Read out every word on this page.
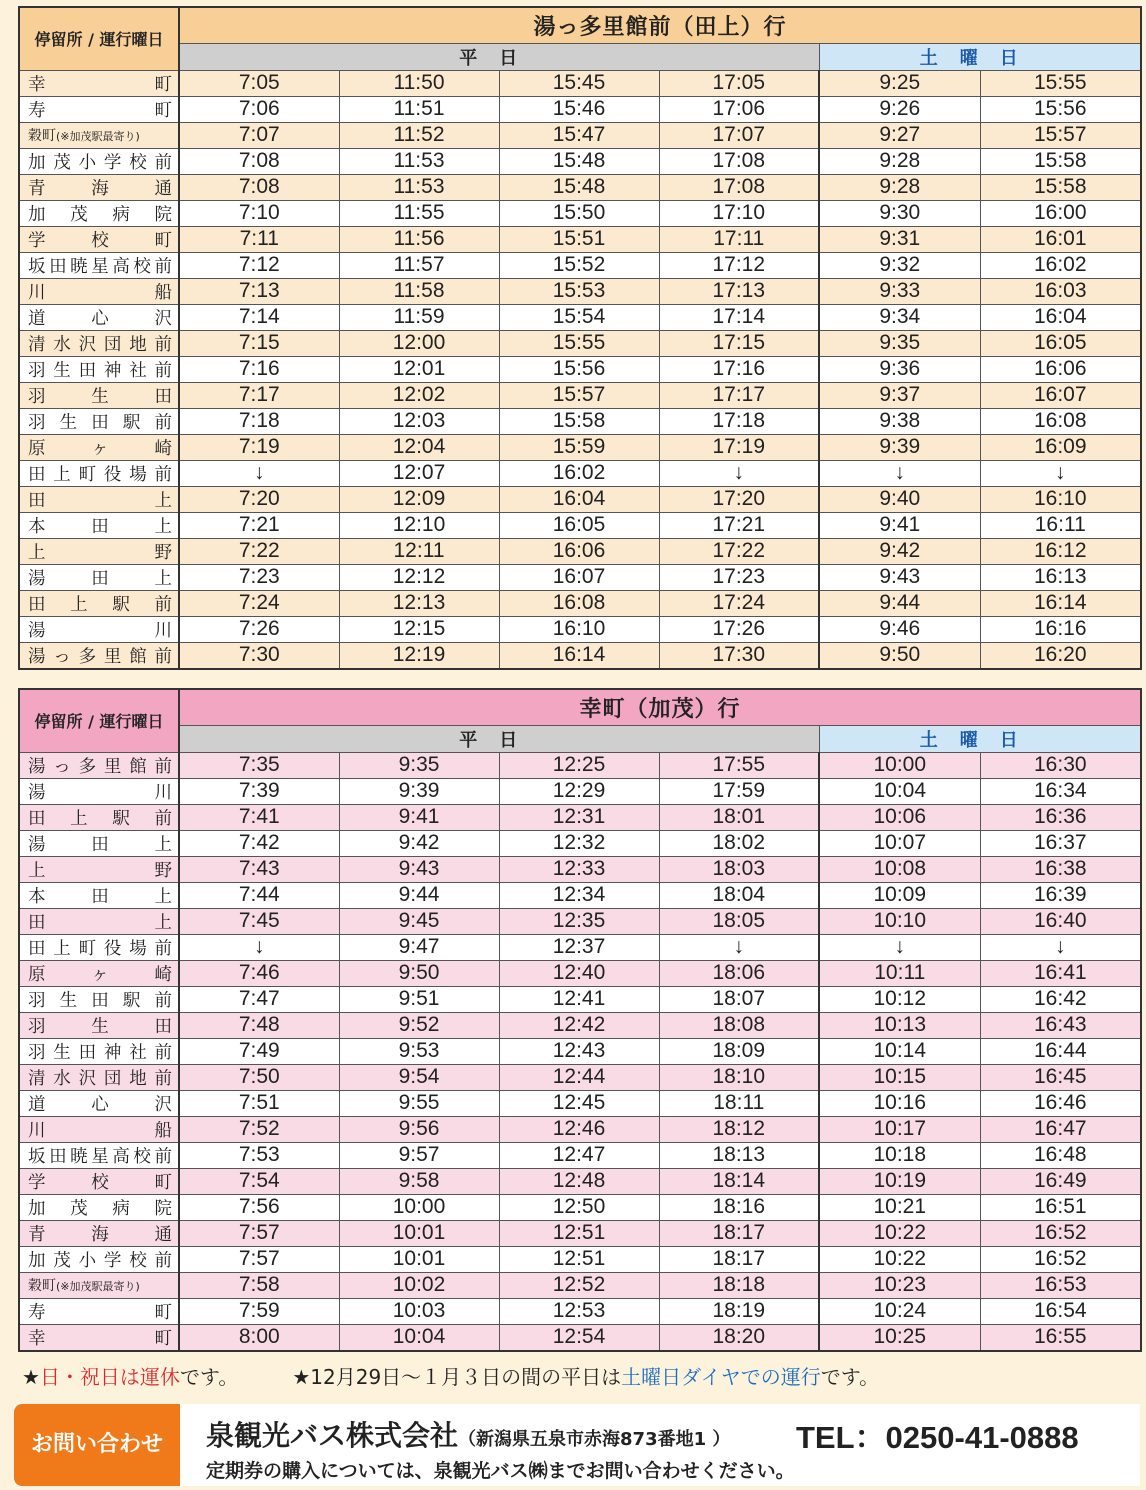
停留所 / 運行曜日	湯っ多里館前（田上）行					
	平日				土曜日	
幸町	7:05	11:50	15:45	17:05	9:25	15:55
寿町	7:06	11:51	15:46	17:06	9:26	15:56
穀町(※加茂駅最寄り)	7:07	11:52	15:47	17:07	9:27	15:57
加茂小学校前	7:08	11:53	15:48	17:08	9:28	15:58
青海通	7:08	11:53	15:48	17:08	9:28	15:58
加茂病院	7:10	11:55	15:50	17:10	9:30	16:00
学校町	7:11	11:56	15:51	17:11	9:31	16:01
坂田暁星高校前	7:12	11:57	15:52	17:12	9:32	16:02
川船	7:13	11:58	15:53	17:13	9:33	16:03
道心沢	7:14	11:59	15:54	17:14	9:34	16:04
清水沢団地前	7:15	12:00	15:55	17:15	9:35	16:05
羽生田神社前	7:16	12:01	15:56	17:16	9:36	16:06
羽生田	7:17	12:02	15:57	17:17	9:37	16:07
羽生田駅前	7:18	12:03	15:58	17:18	9:38	16:08
原ヶ崎	7:19	12:04	15:59	17:19	9:39	16:09
田上町役場前	↓	12:07	16:02	↓	↓	↓
田上	7:20	12:09	16:04	17:20	9:40	16:10
本田上	7:21	12:10	16:05	17:21	9:41	16:11
上野	7:22	12:11	16:06	17:22	9:42	16:12
湯田上	7:23	12:12	16:07	17:23	9:43	16:13
田上駅前	7:24	12:13	16:08	17:24	9:44	16:14
湯川	7:26	12:15	16:10	17:26	9:46	16:16
湯っ多里館前	7:30	12:19	16:14	17:30	9:50	16:20
停留所 / 運行曜日	幸町（加茂）行					
	平日				土曜日	
湯っ多里館前	7:35	9:35	12:25	17:55	10:00	16:30
湯川	7:39	9:39	12:29	17:59	10:04	16:34
田上駅前	7:41	9:41	12:31	18:01	10:06	16:36
湯田上	7:42	9:42	12:32	18:02	10:07	16:37
上野	7:43	9:43	12:33	18:03	10:08	16:38
本田上	7:44	9:44	12:34	18:04	10:09	16:39
田上	7:45	9:45	12:35	18:05	10:10	16:40
田上町役場前	↓	9:47	12:37	↓	↓	↓
原ヶ崎	7:46	9:50	12:40	18:06	10:11	16:41
羽生田駅前	7:47	9:51	12:41	18:07	10:12	16:42
羽生田	7:48	9:52	12:42	18:08	10:13	16:43
羽生田神社前	7:49	9:53	12:43	18:09	10:14	16:44
清水沢団地前	7:50	9:54	12:44	18:10	10:15	16:45
道心沢	7:51	9:55	12:45	18:11	10:16	16:46
川船	7:52	9:56	12:46	18:12	10:17	16:47
坂田暁星高校前	7:53	9:57	12:47	18:13	10:18	16:48
学校町	7:54	9:58	12:48	18:14	10:19	16:49
加茂病院	7:56	10:00	12:50	18:16	10:21	16:51
青海通	7:57	10:01	12:51	18:17	10:22	16:52
加茂小学校前	7:57	10:01	12:51	18:17	10:22	16:52
穀町(※加茂駅最寄り)	7:58	10:02	12:52	18:18	10:23	16:53
寿町	7:59	10:03	12:53	18:19	10:24	16:54
幸町	8:00	10:04	12:54	18:20	10:25	16:55
★日・祝日は運休です。	★12月29日～１月３日の間の平日は土曜日ダイヤでの運行です。
お問い合わせ	泉観光バス株式会社（新潟県五泉市赤海873番地1 ） TEL：0250-41-0888
定期券の購入については、泉観光バス㈱までお問い合わせください。
